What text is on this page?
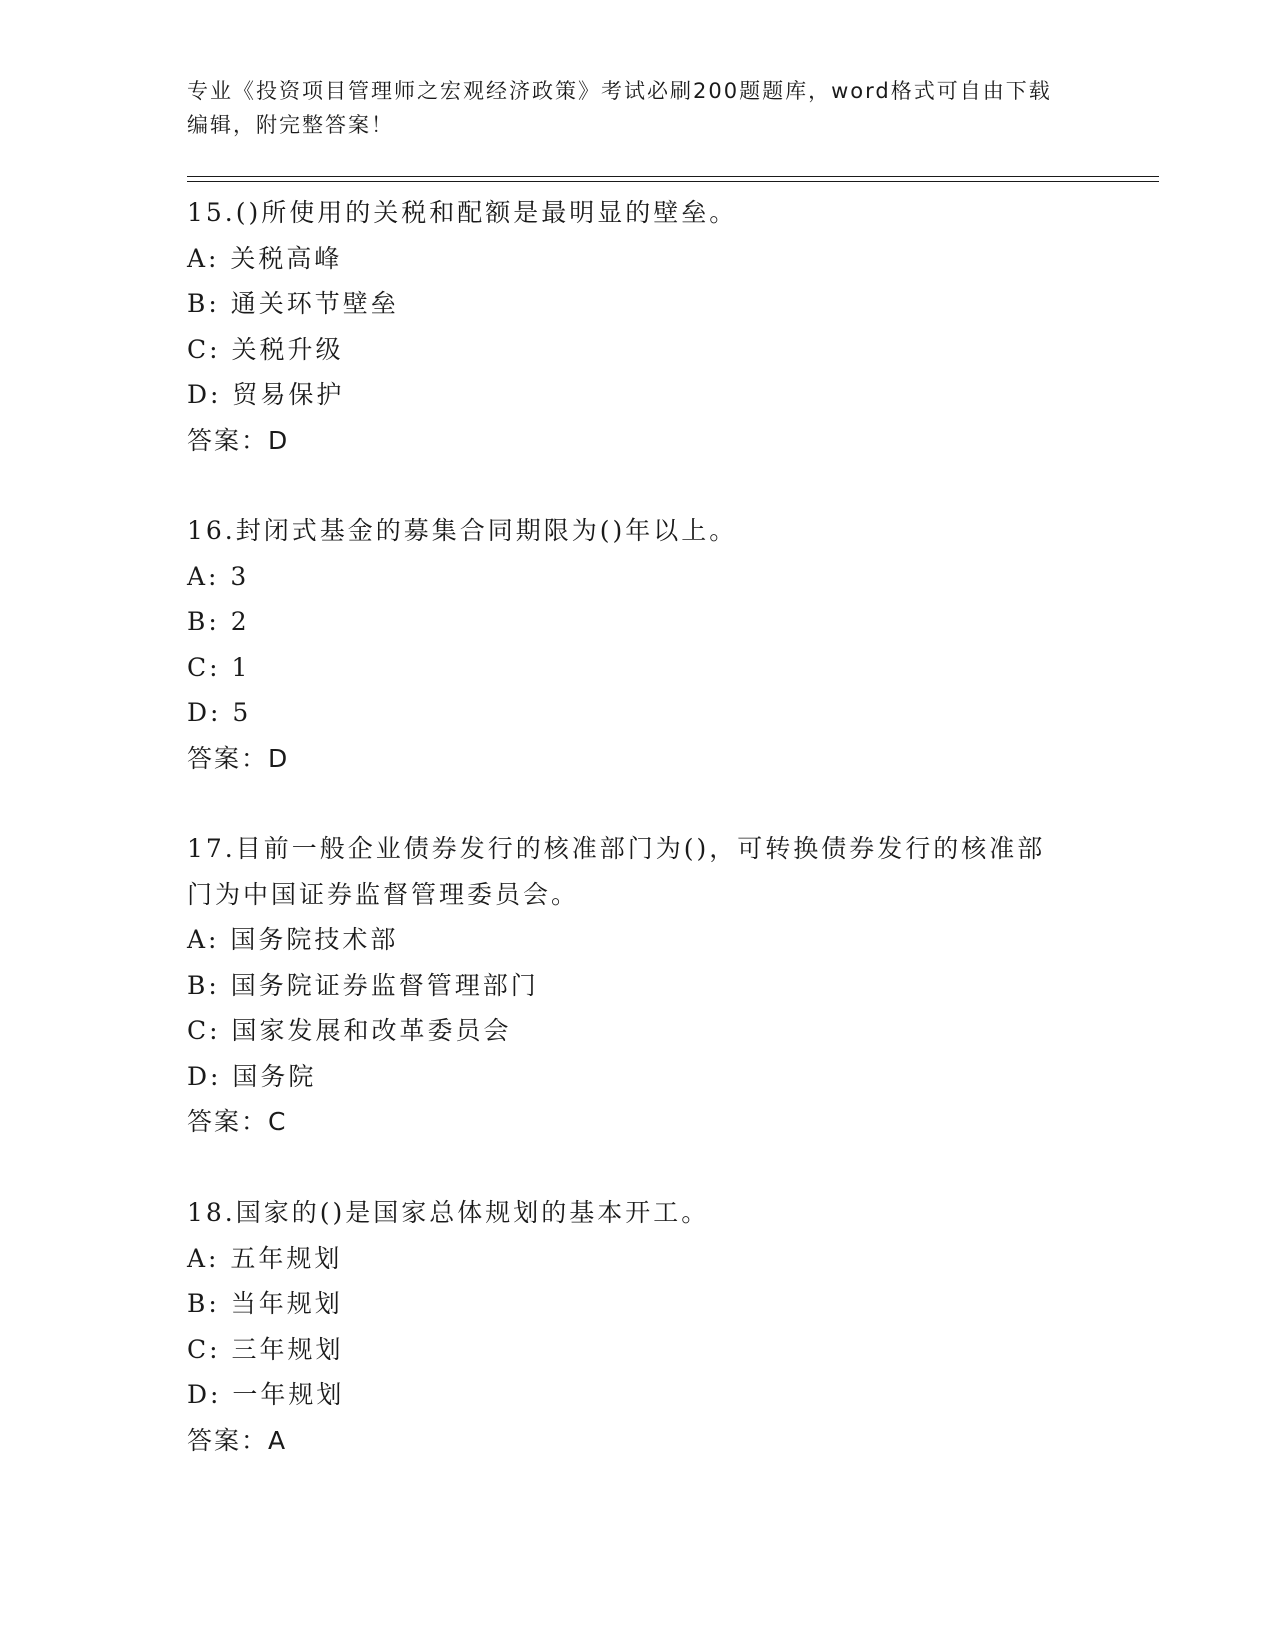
专业《投资项目管理师之宏观经济政策》考试必刷200题题库，word格式可自由下载编辑，附完整答案！
15.()所使用的关税和配额是最明显的壁垒。
A: 关税高峰
B: 通关环节壁垒
C: 关税升级
D: 贸易保护
答案：D
16.封闭式基金的募集合同期限为()年以上。
A: 3
B: 2
C: 1
D: 5
答案：D
17.目前一般企业债券发行的核准部门为()，可转换债券发行的核准部
门为中国证券监督管理委员会。
A: 国务院技术部
B: 国务院证券监督管理部门
C: 国家发展和改革委员会
D: 国务院
答案：C
18.国家的()是国家总体规划的基本开工。
A: 五年规划
B: 当年规划
C: 三年规划
D: 一年规划
答案：A
